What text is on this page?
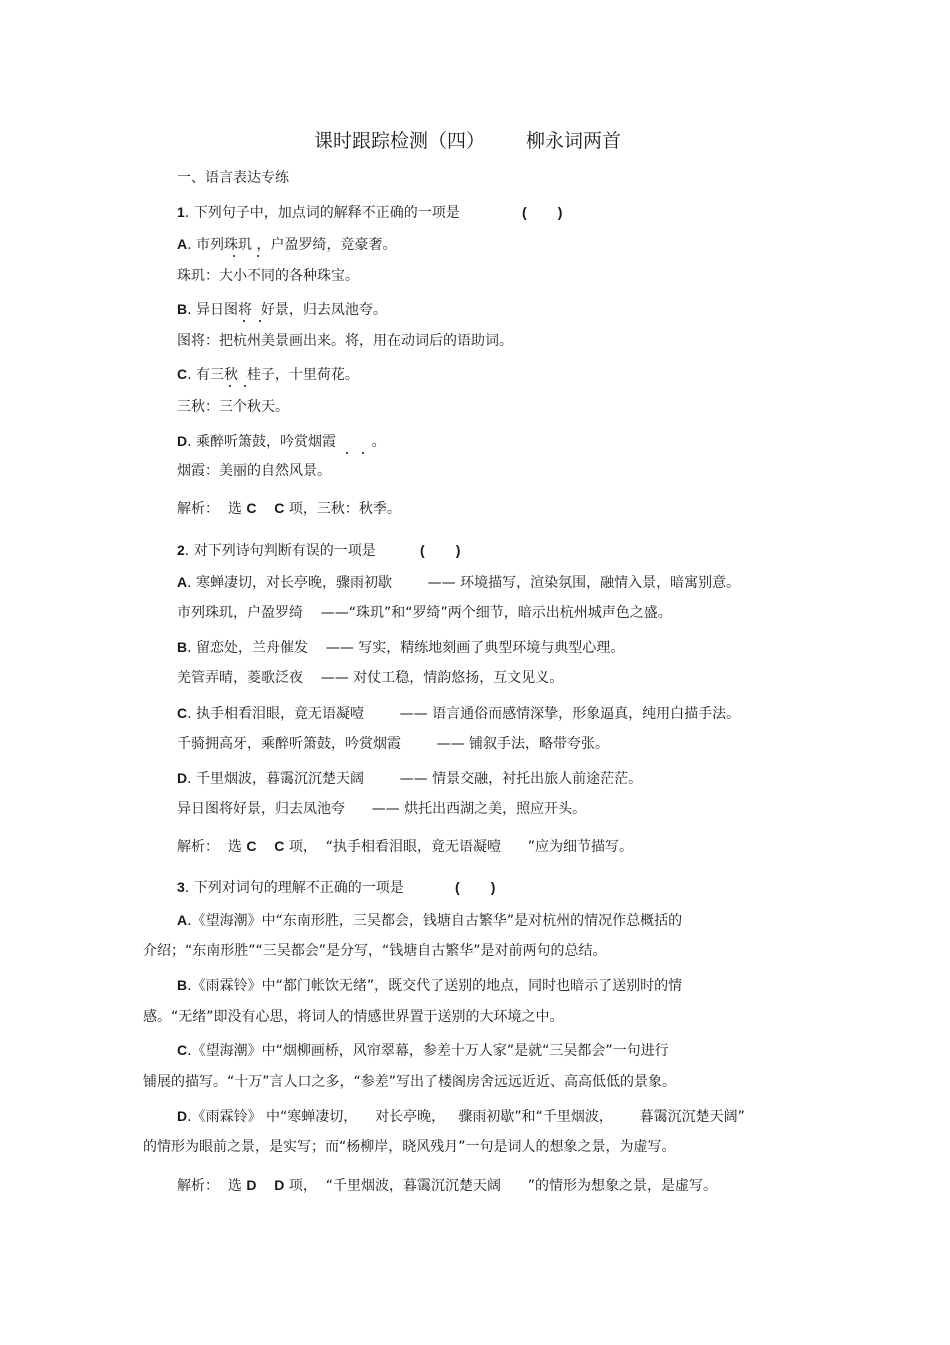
课时跟踪检测（四） 柳永词两首
一、语言表达专练
1. 下列句子中，加点词的解释不正确的一项是	(        )
A. 市列珠玑 ，户盈罗绮，竞豪奢。
珠玑：大小不同的各种珠宝。
B. 异日图将  好景，归去凤池夸。
图将：把杭州美景画出来。将，用在动词后的语助词。
C. 有三秋  桂子，十里荷花。
三秋：三个秋天。
D. 乘醉听箫鼓，吟赏烟霞        。
烟霞：美丽的自然风景。
解析：  选 C C 项，三秋：秋季。
2. 对下列诗句判断有误的一项是	(        )
A. 寒蝉凄切，对长亭晚，骤雨初歇        —— 环境描写，渲染氛围，融情入景，暗寓别意。
市列珠玑，户盈罗绮    ——“珠玑”和“罗绮”两个细节，暗示出杭州城声色之盛。
B. 留恋处，兰舟催发    —— 写实，精练地刻画了典型环境与典型心理。
羌管弄晴，菱歌泛夜    —— 对仗工稳，情韵悠扬，互文见义。
C. 执手相看泪眼，竟无语凝噎        —— 语言通俗而感情深挚，形象逼真，纯用白描手法。
千骑拥高牙，乘醉听箫鼓，吟赏烟霞        —— 铺叙手法，略带夸张。
D. 千里烟波，暮霭沉沉楚天阔        —— 情景交融，衬托出旅人前途茫茫。
异日图将好景，归去凤池夸      —— 烘托出西湖之美，照应开头。
解析：  选 C C 项，  “执手相看泪眼，竟无语凝噎      ”应为细节描写。
3. 下列对词句的理解不正确的一项是	(        )
A.《望海潮》中“东南形胜，三吴都会，钱塘自古繁华”是对杭州的情况作总概括的
介绍；“东南形胜”“三吴都会”是分写，“钱塘自古繁华”是对前两句的总结。
B.《雨霖铃》中“都门帐饮无绪”，既交代了送别的地点，同时也暗示了送别时的情
感。“无绪”即没有心思，将词人的情感世界置于送别的大环境之中。
C.《望海潮》中“烟柳画桥，风帘翠幕，参差十万人家”是就“三吴都会”一句进行
铺展的描写。“十万”言人口之多，“参差”写出了楼阁房舍远远近近、高高低低的景象。
D.《雨霖铃》 中“寒蝉凄切，    对长亭晚，   骤雨初歇”和“千里烟波，      暮霭沉沉楚天阔”
的情形为眼前之景，是实写；而“杨柳岸，晓风残月”一句是词人的想象之景，为虚写。
解析：  选 D D 项，  “千里烟波，暮霭沉沉楚天阔      ”的情形为想象之景，是虚写。
